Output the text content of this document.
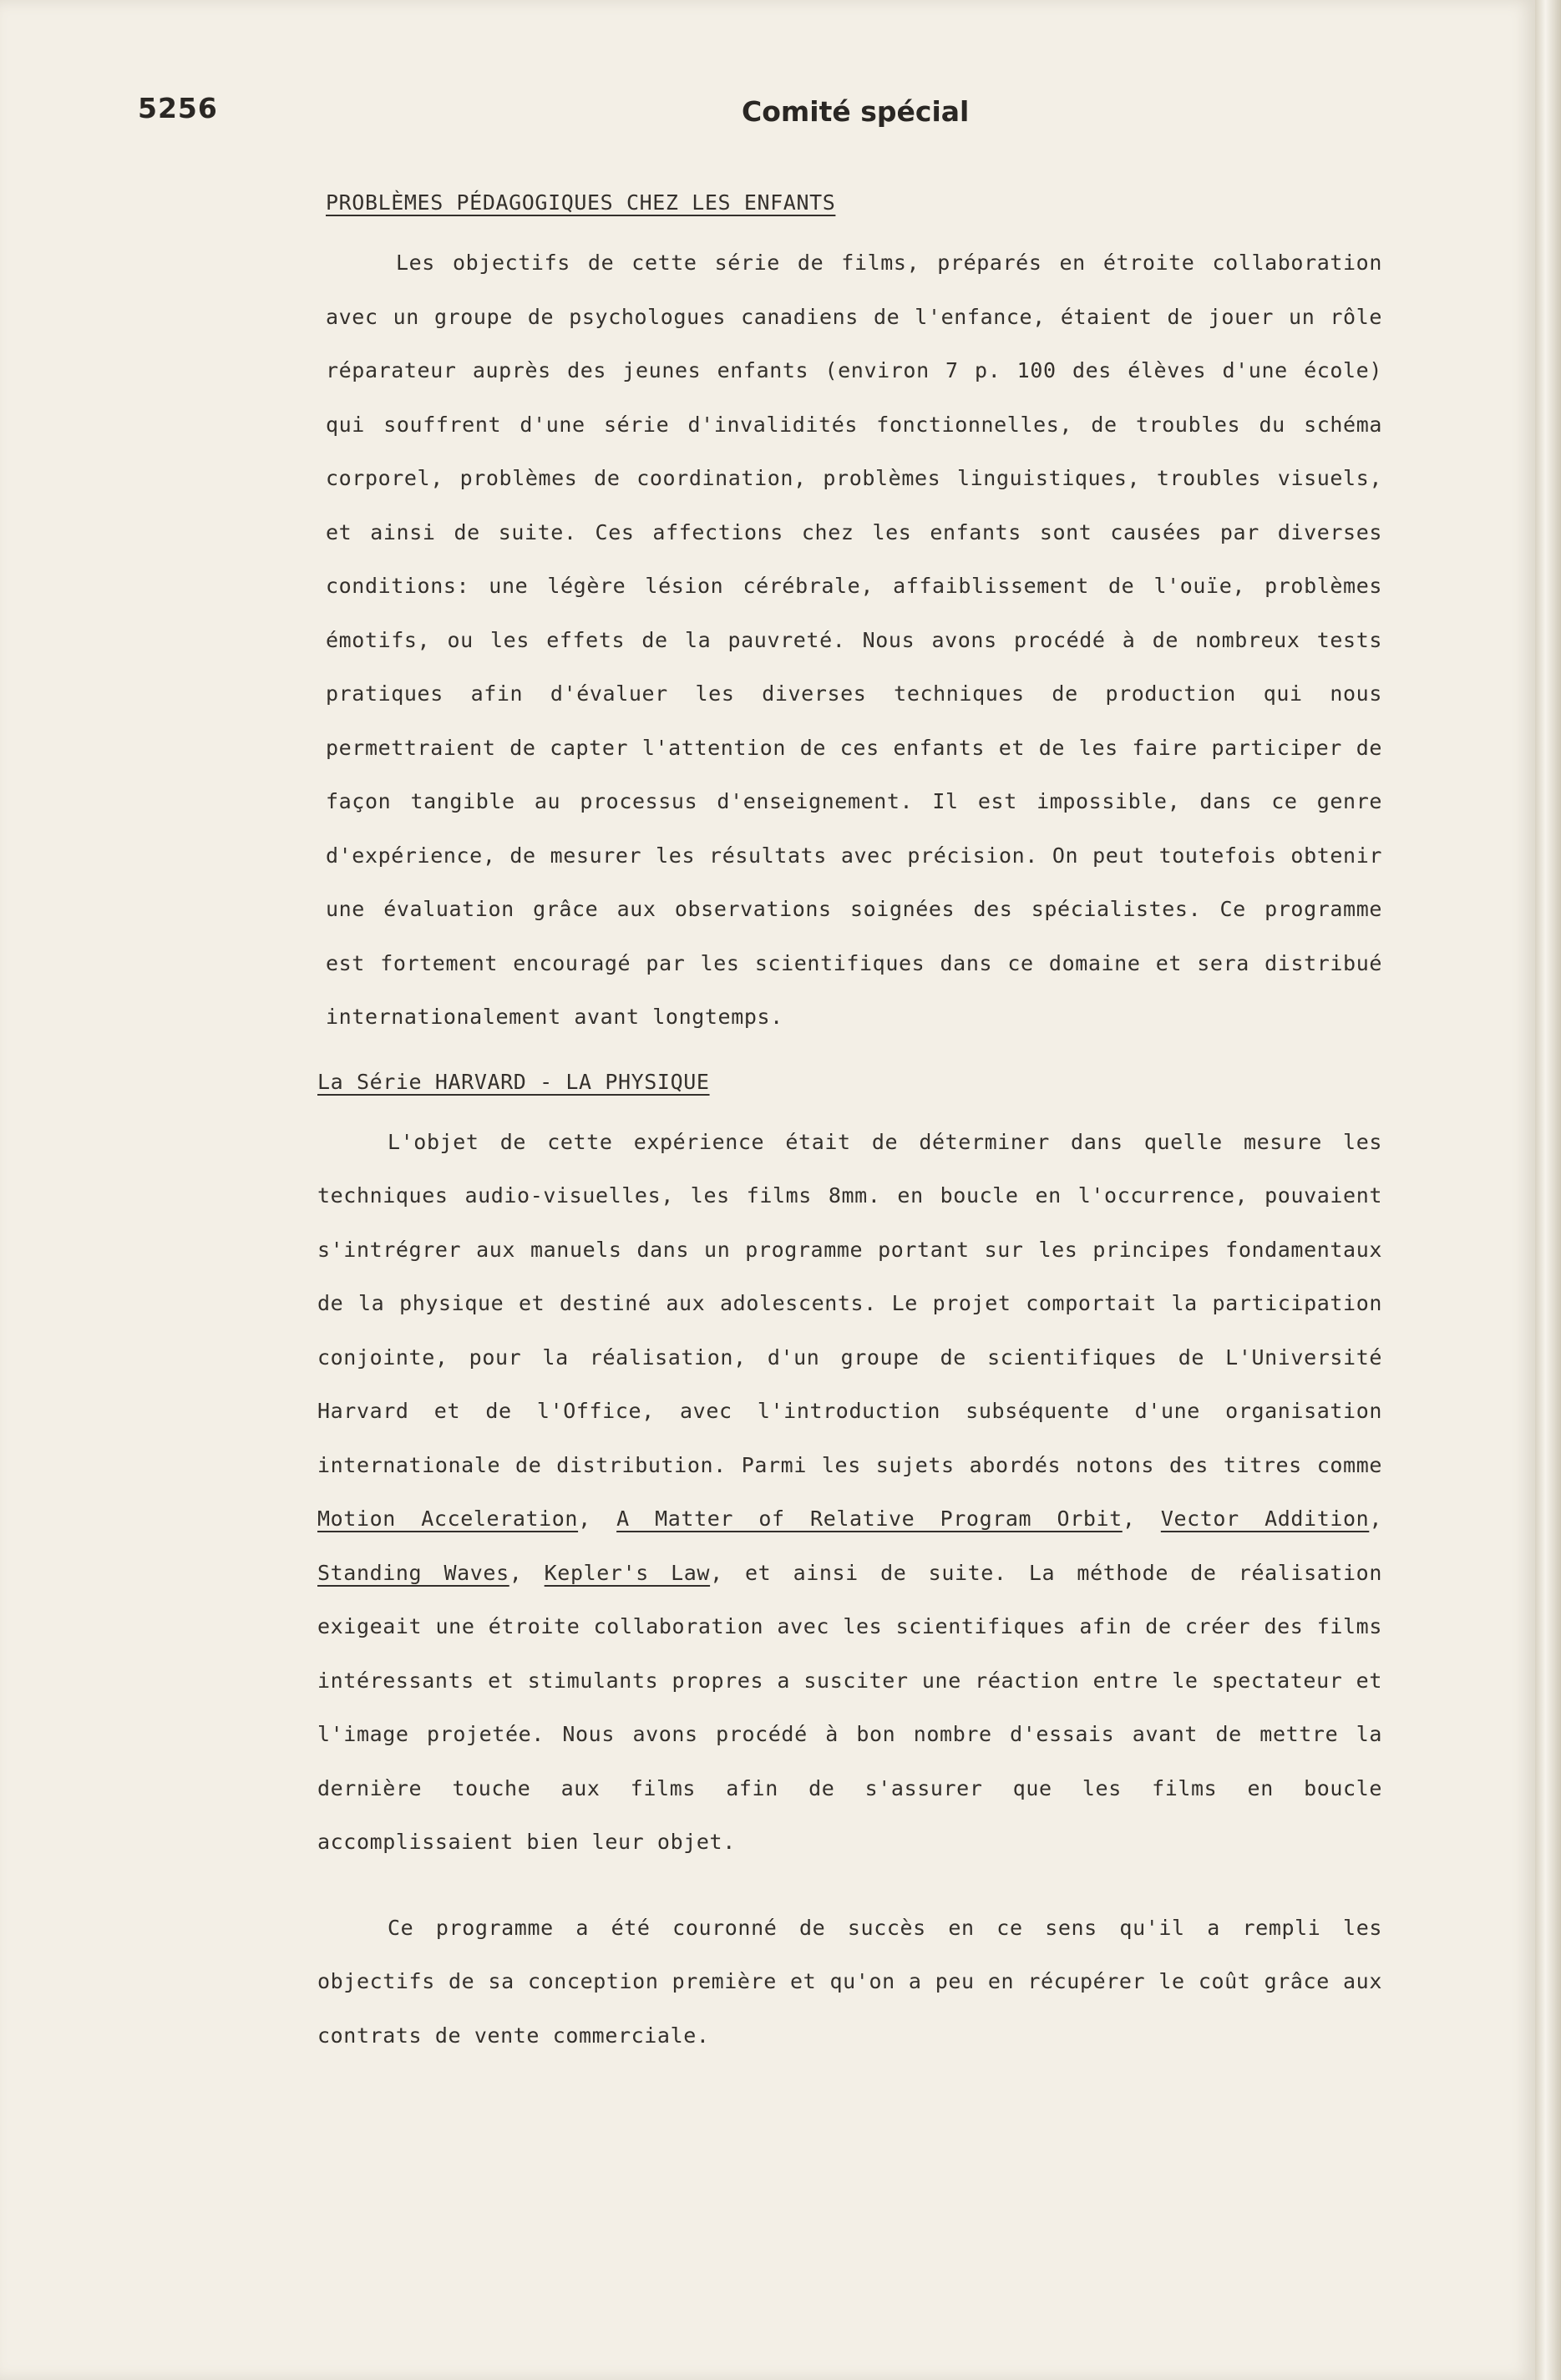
5256	Comité spécial
PROBLÈMES PÉDAGOGIQUES CHEZ LES ENFANTS

Les objectifs de cette série de films, préparés en étroite collaboration avec un groupe de psychologues canadiens de l'enfance, étaient de jouer un rôle réparateur auprès des jeunes enfants (environ 7 p. 100 des élèves d'une école) qui souffrent d'une série d'invalidités fonctionnelles, de troubles du schéma corporel, problèmes de coordination, problèmes linguistiques, troubles visuels, et ainsi de suite. Ces affections chez les enfants sont causées par diverses conditions: une légère lésion cérébrale, affaiblissement de l'ouïe, problèmes émotifs, ou les effets de la pauvreté. Nous avons procédé à de nombreux tests pratiques afin d'évaluer les diverses techniques de production qui nous permettraient de capter l'attention de ces enfants et de les faire participer de façon tangible au processus d'enseignement. Il est impossible, dans ce genre d'expérience, de mesurer les résultats avec précision. On peut toutefois obtenir une évaluation grâce aux observations soignées des spécialistes. Ce programme est fortement encouragé par les scientifiques dans ce domaine et sera distribué internationalement avant longtemps.

La Série HARVARD - LA PHYSIQUE

L'objet de cette expérience était de déterminer dans quelle mesure les techniques audio-visuelles, les films 8mm. en boucle en l'occurrence, pouvaient s'intrégrer aux manuels dans un programme portant sur les principes fondamentaux de la physique et destiné aux adolescents. Le projet comportait la participation conjointe, pour la réalisation, d'un groupe de scientifiques de L'Université Harvard et de l'Office, avec l'introduction subséquente d'une organisation internationale de distribution. Parmi les sujets abordés notons des titres comme Motion Acceleration, A Matter of Relative Program Orbit, Vector Addition, Standing Waves, Kepler's Law, et ainsi de suite. La méthode de réalisation exigeait une étroite collaboration avec les scientifiques afin de créer des films intéressants et stimulants propres a susciter une réaction entre le spectateur et l'image projetée. Nous avons procédé à bon nombre d'essais avant de mettre la dernière touche aux films afin de s'assurer que les films en boucle accomplissaient bien leur objet.

Ce programme a été couronné de succès en ce sens qu'il a rempli les objectifs de sa conception première et qu'on a peu en récupérer le coût grâce aux contrats de vente commerciale.
